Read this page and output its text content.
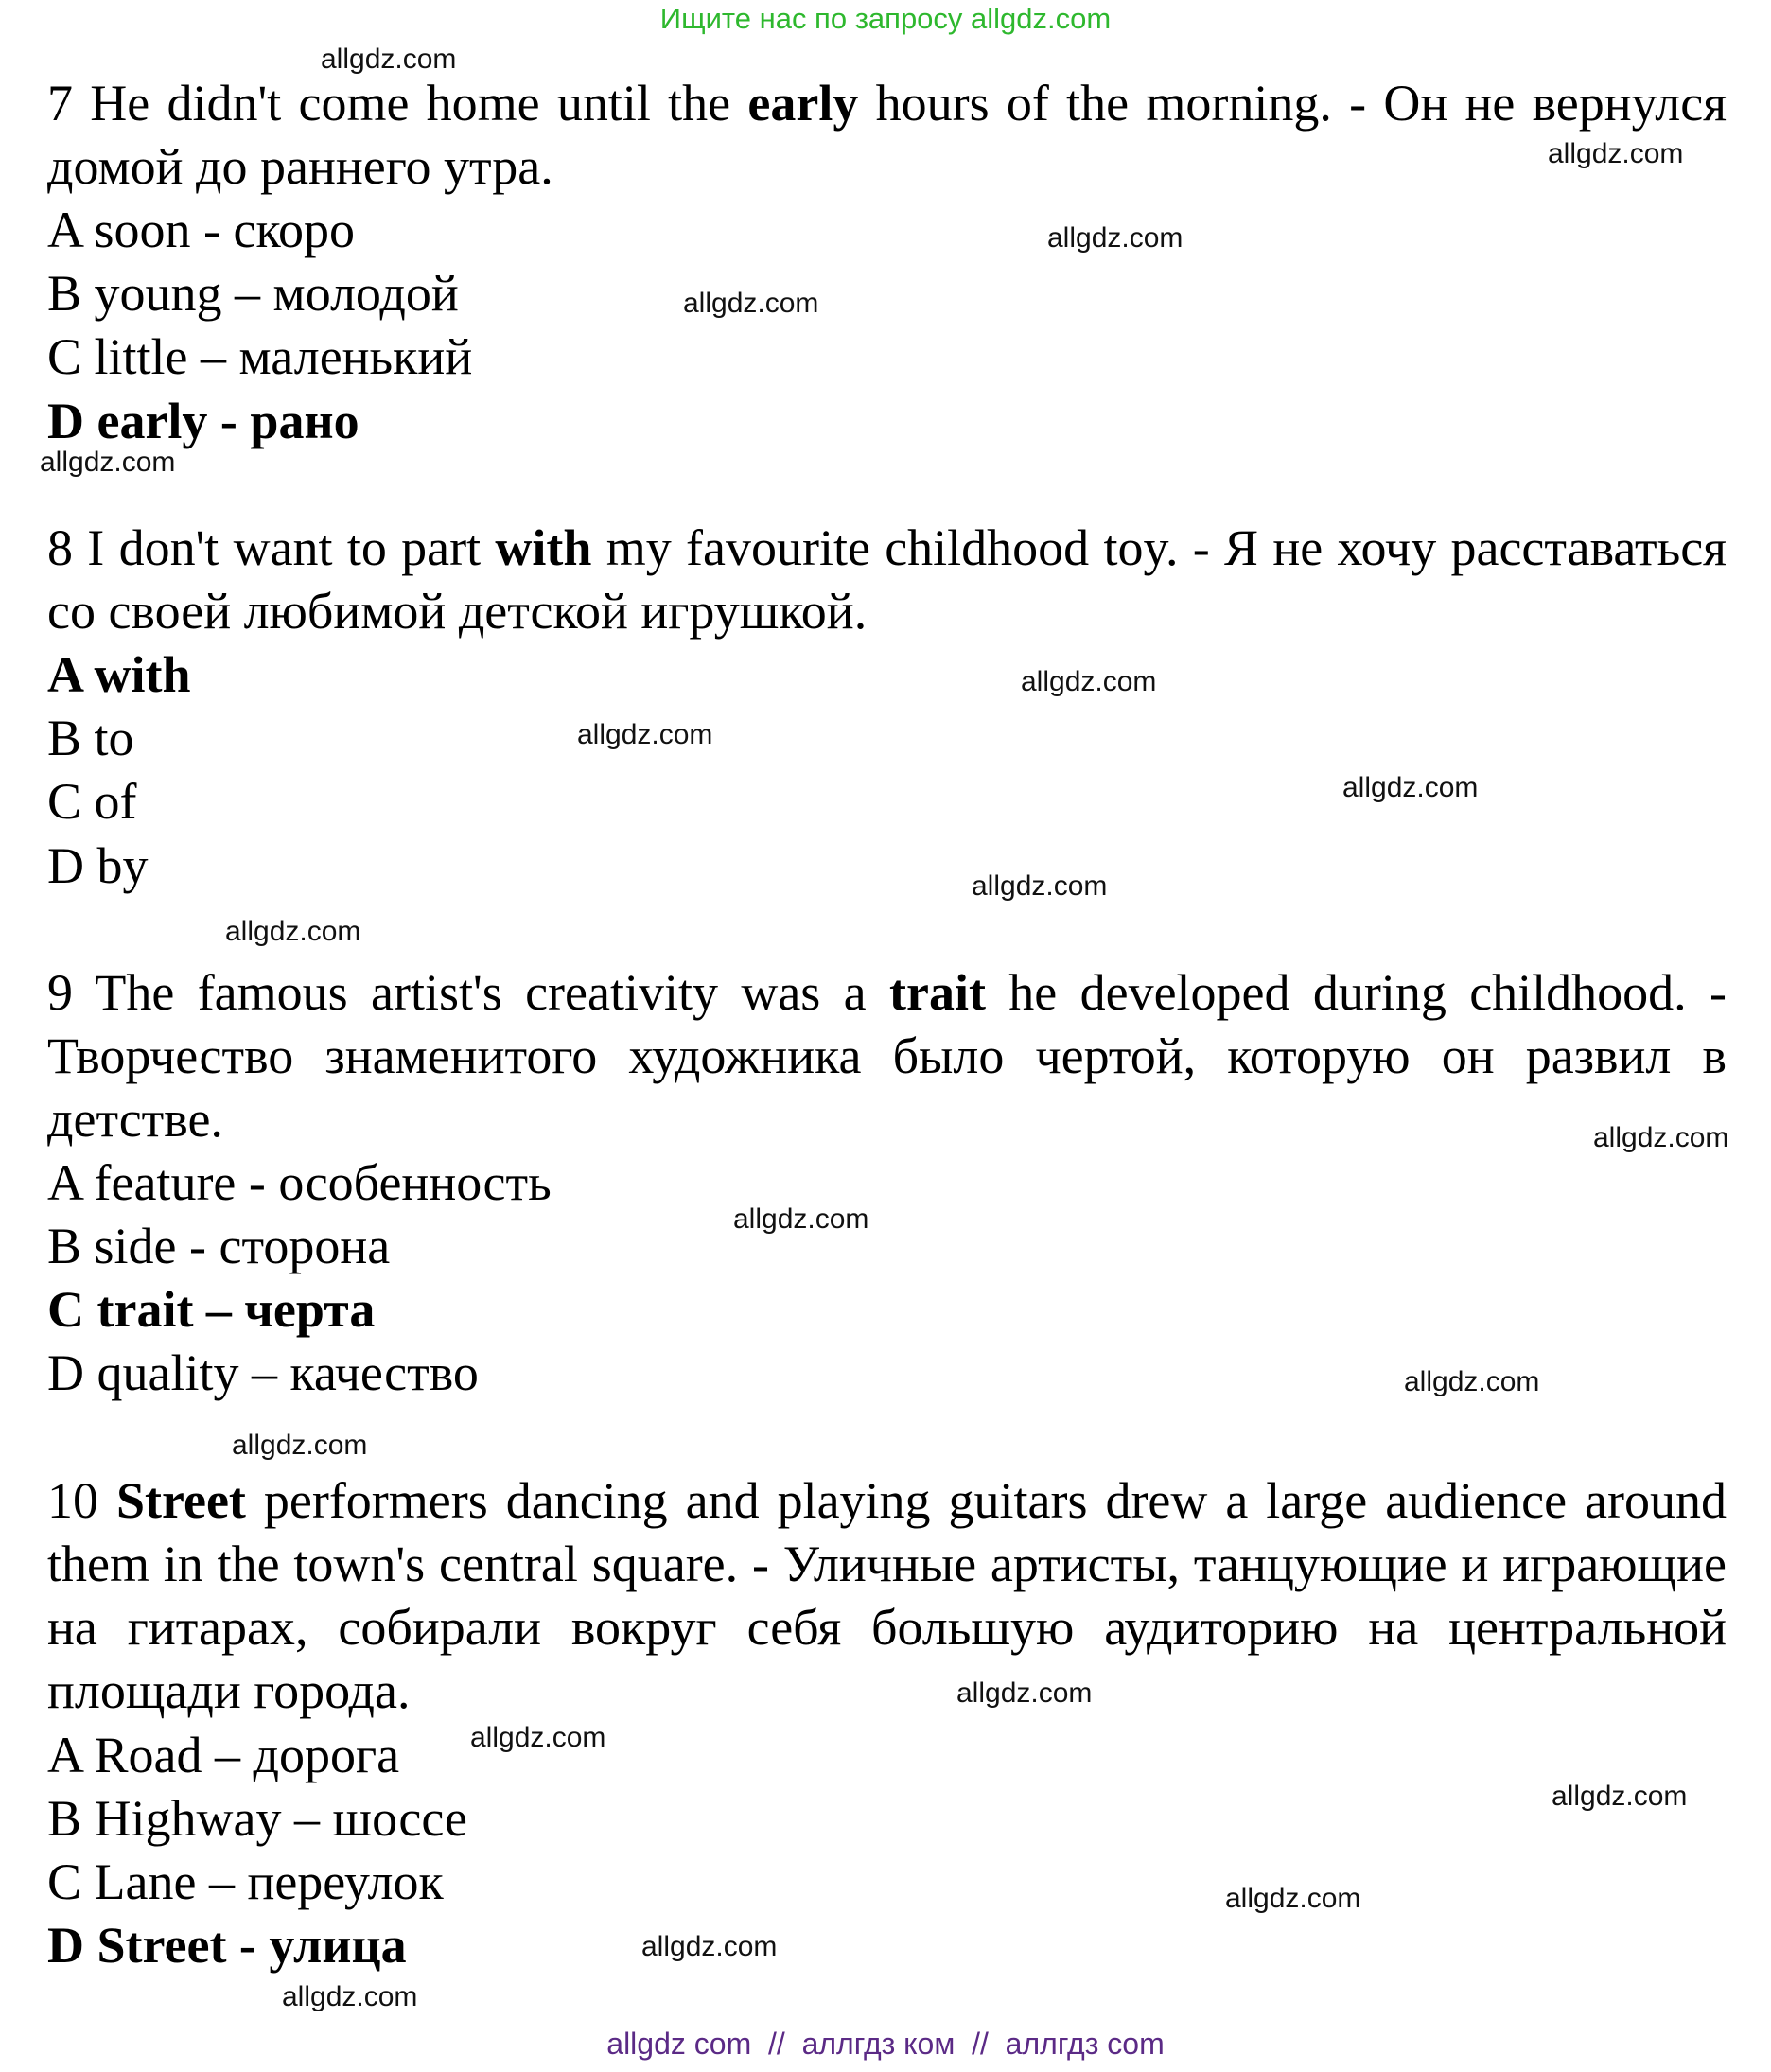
Ищите нас по запросу allgdz.com
7 He didn't come home until the early hours of the morning. - Он не вернулся домой до раннего утра.
A soon - скоро
B young – молодой
C little – маленький
D early - рано
8 I don't want to part with my favourite childhood toy. - Я не хочу расставаться со своей любимой детской игрушкой.
A with
B to
C of
D by
9 The famous artist's creativity was a trait he developed during childhood. - Творчество знаменитого художника было чертой, которую он развил в детстве.
A feature - особенность
B side - сторона
C trait – черта
D quality – качество
10 Street performers dancing and playing guitars drew a large audience around them in the town's central square. - Уличные артисты, танцующие и играющие на гитарах, собирали вокруг себя большую аудиторию на центральной площади города.
A Road – дорога
B Highway – шоссе
C Lane – переулок
D Street - улица
allgdz.com
allgdz.com
allgdz.com
allgdz.com
allgdz.com
allgdz.com
allgdz.com
allgdz.com
allgdz.com
allgdz.com
allgdz.com
allgdz.com
allgdz.com
allgdz.com
allgdz.com
allgdz.com
allgdz.com
allgdz.com
allgdz.com
allgdz.com
allgdz com  //  аллгдз ком  //  аллгдз com
